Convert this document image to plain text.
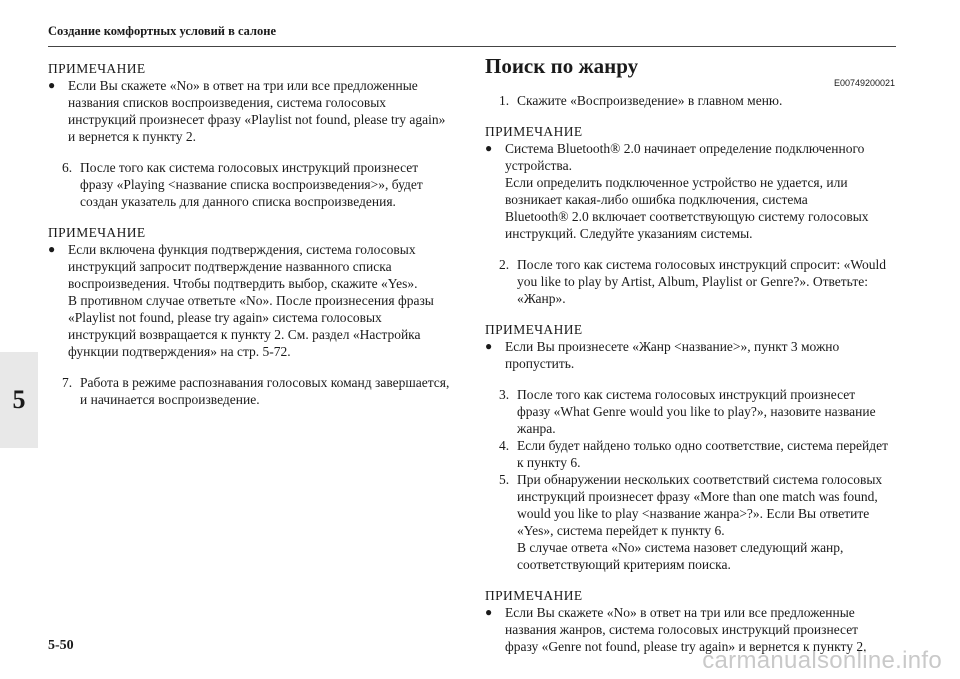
Создание комфортных условий в салоне
5
5-50
carmanualsonline.info
ПРИМЕЧАНИЕ
● Если Вы скажете «No» в ответ на три или все предложенные
названия списков воспроизведения, система голосовых
инструкций произнесет фразу «Playlist not found, please try again»
и вернется к пункту 2.
6. После того как система голосовых инструкций произнесет
фразу «Playing <название списка воспроизведения>», будет
создан указатель для данного списка воспроизведения.
ПРИМЕЧАНИЕ
● Если включена функция подтверждения, система голосовых
инструкций запросит подтверждение названного списка
воспроизведения. Чтобы подтвердить выбор, скажите «Yes».
В противном случае ответьте «No». После произнесения фразы
«Playlist not found, please try again» система голосовых
инструкций возвращается к пункту 2. См. раздел «Настройка
функции подтверждения» на стр. 5-72.
7. Работа в режиме распознавания голосовых команд завершается,
и начинается воспроизведение.
Поиск по жанру
E00749200021
1. Скажите «Воспроизведение» в главном меню.
ПРИМЕЧАНИЕ
● Система Bluetooth® 2.0 начинает определение подключенного
устройства.
Если определить подключенное устройство не удается, или
возникает какая-либо ошибка подключения, система
Bluetooth® 2.0 включает соответствующую систему голосовых
инструкций. Следуйте указаниям системы.
2. После того как система голосовых инструкций спросит: «Would
you like to play by Artist, Album, Playlist or Genre?». Ответьте:
«Жанр».
ПРИМЕЧАНИЕ
● Если Вы произнесете «Жанр <название>», пункт 3 можно
пропустить.
3. После того как система голосовых инструкций произнесет
фразу «What Genre would you like to play?», назовите название
жанра.
4. Если будет найдено только одно соответствие, система перейдет
к пункту 6.
5. При обнаружении нескольких соответствий система голосовых
инструкций произнесет фразу «More than one match was found,
would you like to play <название жанра>?». Если Вы ответите
«Yes», система перейдет к пункту 6.
В случае ответа «No» система назовет следующий жанр,
соответствующий критериям поиска.
ПРИМЕЧАНИЕ
● Если Вы скажете «No» в ответ на три или все предложенные
названия жанров, система голосовых инструкций произнесет
фразу «Genre not found, please try again» и вернется к пункту 2.
